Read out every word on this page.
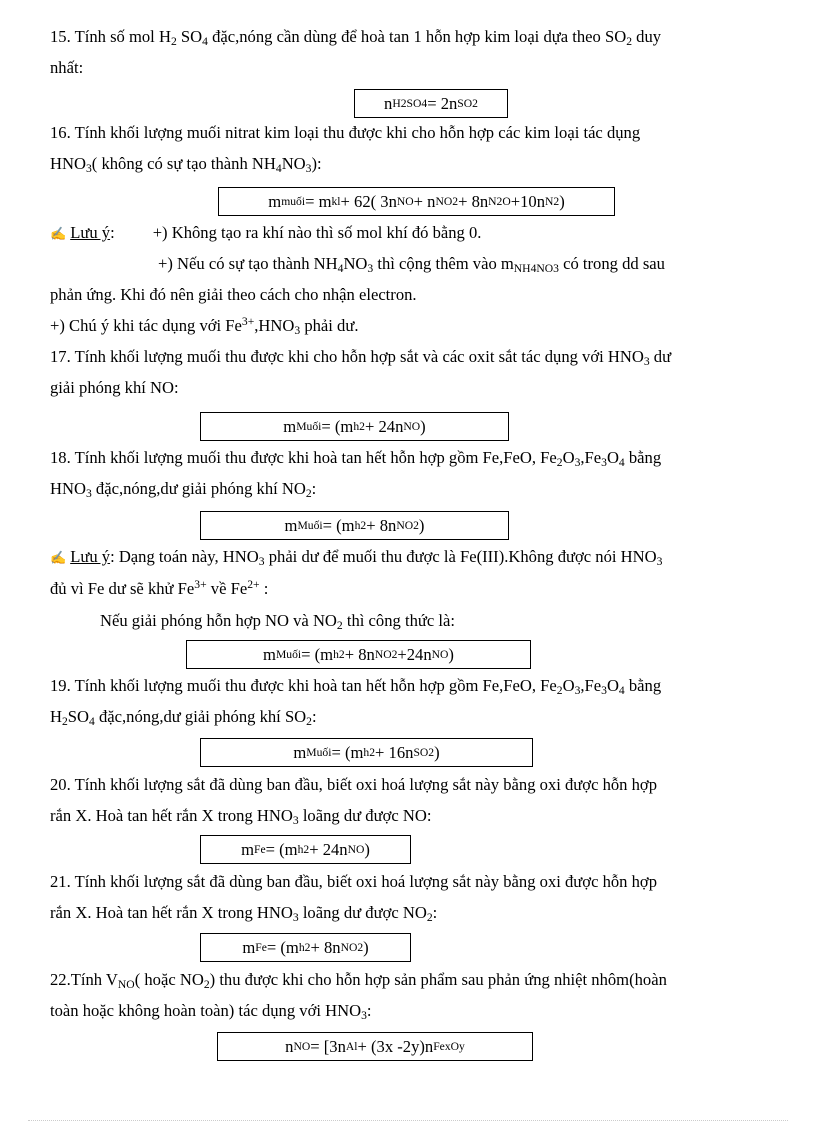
15. Tính số mol $H_2$ $SO_4$ đặc,nóng cần dùng để hoà tan 1 hỗn hợp kim loại dựa theo $SO_2$ duy
nhất:
n H2SO4 = 2n SO2
16. Tính khối lượng muối nitrat kim loại thu được khi cho hỗn hợp các kim loại tác dụng
$HNO_3$( không có sự tạo thành $NH_4NO_3$):
m muối = m kl + 62( 3n NO + n NO2 + 8n N2O +10n N2 )
✍ Lưu ý: +) Không tạo ra khí nào thì số mol khí đó bằng 0.
+) Nếu có sự tạo thành $NH_4NO_3$ thì cộng thêm vào $m_{NH4NO3}$ có trong dd sau
phản ứng. Khi đó nên giải theo cách cho nhận electron.
+) Chú ý khi tác dụng với $Fe^{3+},HNO_3$ phải dư.
17. Tính khối lượng muối thu được khi cho hỗn hợp sắt và các oxit sắt tác dụng với $HNO_3$ dư
giải phóng khí NO:
m Muối = (m h 2 + 24n NO )
18. Tính khối lượng muối thu được khi hoà tan hết hỗn hợp gồm Fe,FeO, $Fe_2O_3,Fe_3O_4$ bằng
$HNO_3$ đặc,nóng,dư giải phóng khí $NO_2$:
m Muối = (m h 2 + 8n NO2 )
✍ Lưu ý: Dạng toán này, $HNO_3$ phải dư để muối thu được là Fe(III).Không được nói $HNO_3$
đủ vì Fe dư sẽ khử $Fe^{3+}$ về $Fe^{2+}$ :
Nếu giải phóng hỗn hợp NO và $NO_2$ thì công thức là:
m Muối = (m h 2 + 8n NO2 +24n NO )
19. Tính khối lượng muối thu được khi hoà tan hết hỗn hợp gồm Fe,FeO, $Fe_2O_3,Fe_3O_4$ bằng
$H_2SO_4$ đặc,nóng,dư giải phóng khí $SO_2$:
m Muối = (m h 2 + 16n SO2 )
20. Tính khối lượng sắt đã dùng ban đầu, biết oxi hoá lượng sắt này bằng oxi được hỗn hợp
rắn X. Hoà tan hết rắn X trong $HNO_3$ loãng dư được NO:
m Fe = (m h 2 + 24n NO )
21. Tính khối lượng sắt đã dùng ban đầu, biết oxi hoá lượng sắt này bằng oxi được hỗn hợp
rắn X. Hoà tan hết rắn X trong $HNO_3$ loãng dư được $NO_2$:
m Fe = (m h 2 + 8n NO2 )
22.Tính $V_{NO}$( hoặc $NO_2$) thu được khi cho hỗn hợp sản phẩm sau phản ứng nhiệt nhôm(hoàn
toàn hoặc không hoàn toàn) tác dụng với $HNO_3$:
n NO = [3n Al + (3x -2y)n FexOy
